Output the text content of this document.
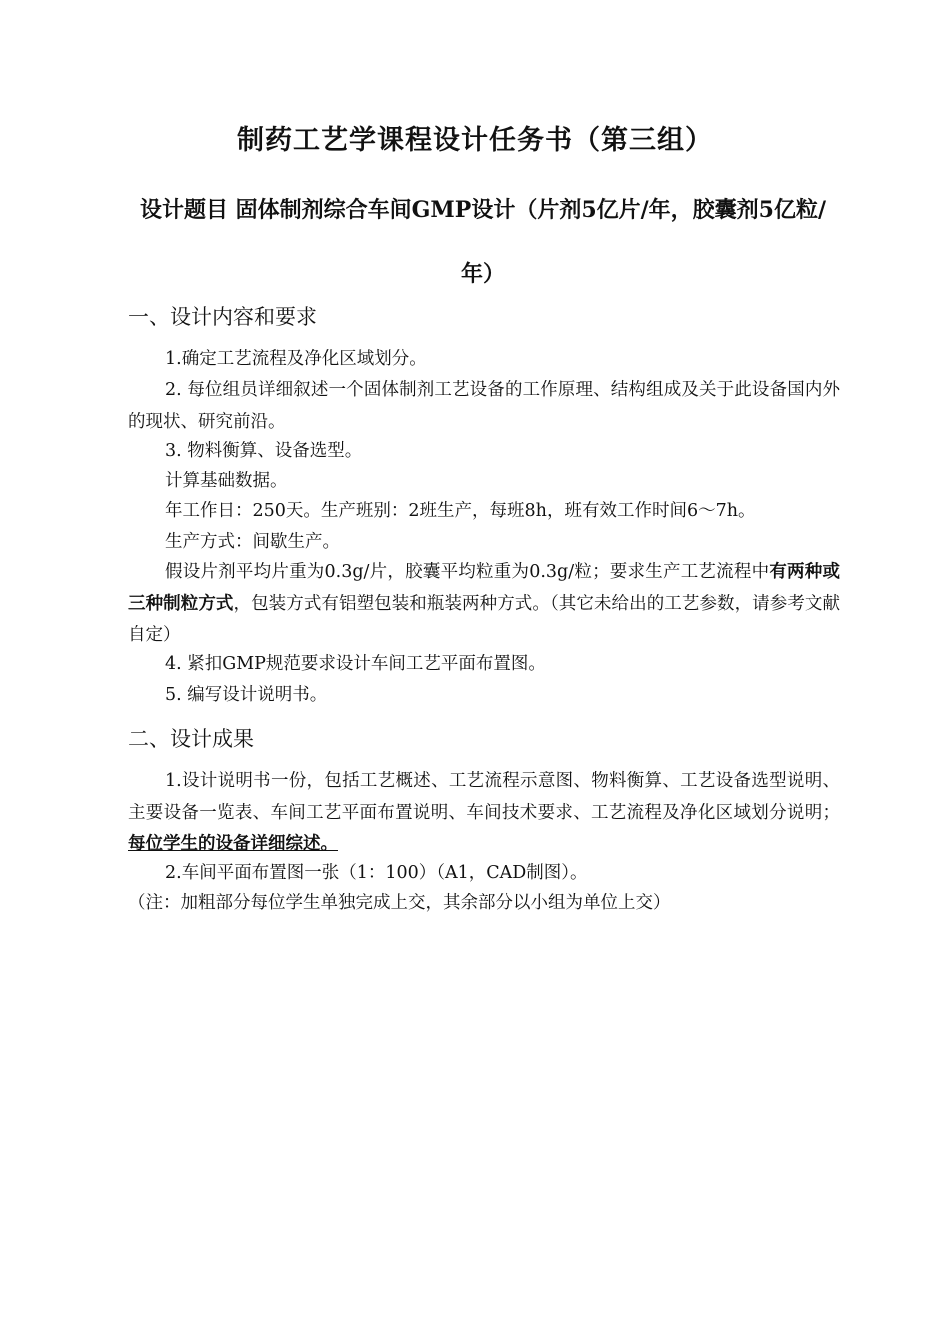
制药工艺学课程设计任务书（第三组）
设计题目 固体制剂综合车间GMP设计（片剂5亿片/年，胶囊剂5亿粒/年）
一、设计内容和要求

1.确定工艺流程及净化区域划分。

2. 每位组员详细叙述一个固体制剂工艺设备的工作原理、结构组成及关于此设备国内外的现状、研究前沿。

3. 物料衡算、设备选型。

计算基础数据。

年工作日：250天。生产班别：2班生产，每班8h，班有效工作时间6～7h。

生产方式：间歇生产。

假设片剂平均片重为0.3g/片，胶囊平均粒重为0.3g/粒；要求生产工艺流程中有两种或三种制粒方式，包装方式有铝塑包装和瓶装两种方式。（其它未给出的工艺参数，请参考文献自定）

4. 紧扣GMP规范要求设计车间工艺平面布置图。

5. 编写设计说明书。

二、设计成果

1.设计说明书一份，包括工艺概述、工艺流程示意图、物料衡算、工艺设备选型说明、主要设备一览表、车间工艺平面布置说明、车间技术要求、工艺流程及净化区域划分说明；每位学生的设备详细综述。

2.车间平面布置图一张（1：100）（A1，CAD制图）。

（注：加粗部分每位学生单独完成上交，其余部分以小组为单位上交）
